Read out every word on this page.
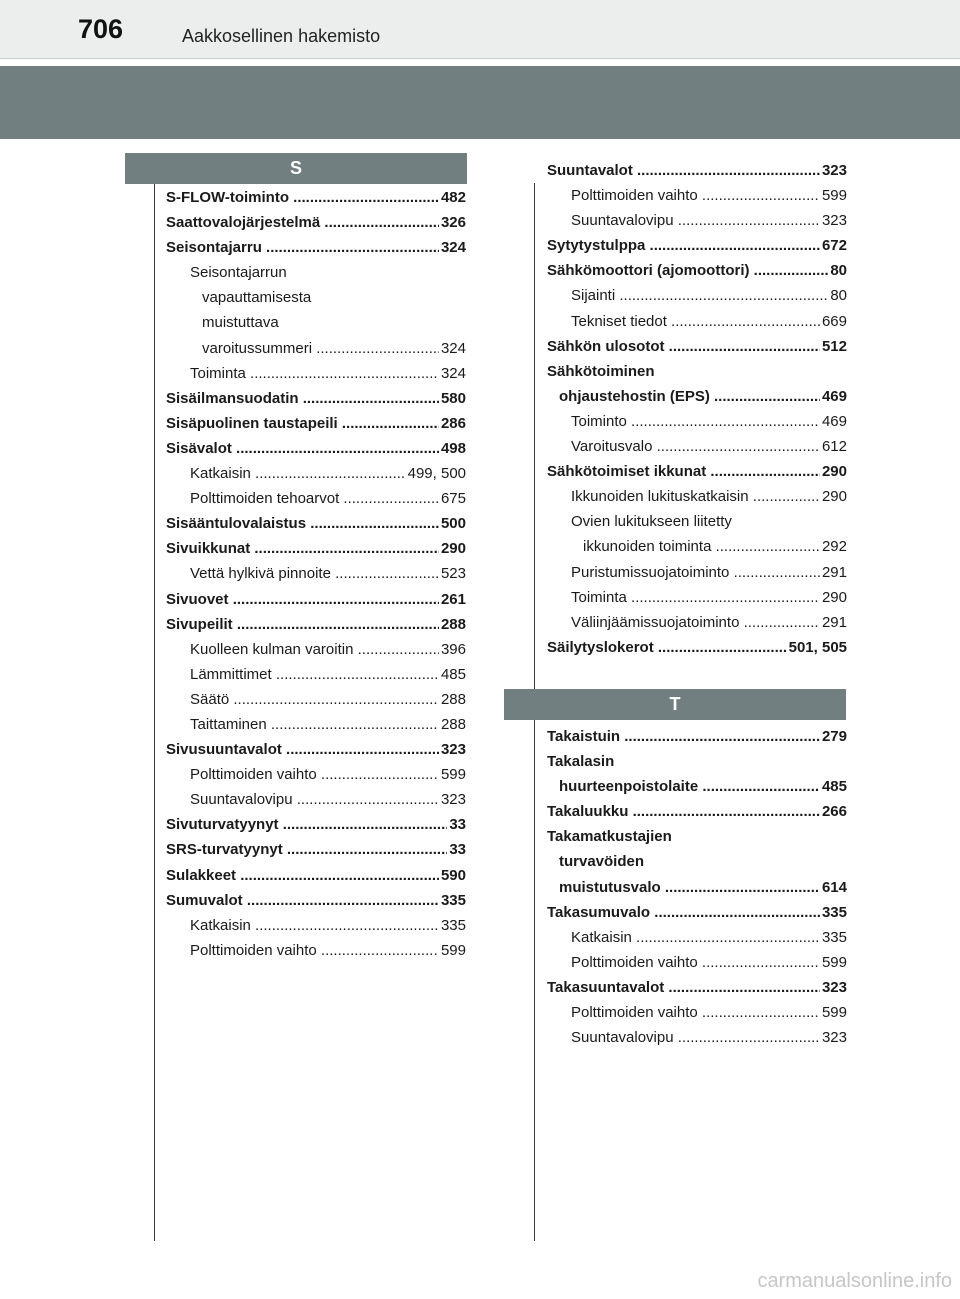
706	Aakkosellinen hakemisto
S
S-FLOW-toiminto .....	482
Saattovalojärjestelmä .....	326
Seisontajarru .....	324
Seisontajarrun
vapauttamisesta
muistuttava
varoitussummeri .....	324
Toiminta .....	324
Sisäilmansuodatin .....	580
Sisäpuolinen taustapeili .....	286
Sisävalot .....	498
Katkaisin .....	499, 500
Polttimoiden tehoarvot .....	675
Sisääntulovalaistus .....	500
Sivuikkunat .....	290
Vettä hylkivä pinnoite .....	523
Sivuovet .....	261
Sivupeilit .....	288
Kuolleen kulman varoitin .....	396
Lämmittimet .....	485
Säätö .....	288
Taittaminen .....	288
Sivusuuntavalot .....	323
Polttimoiden vaihto .....	599
Suuntavalovipu .....	323
Sivuturvatyynyt .....	33
SRS-turvatyynyt .....	33
Sulakkeet .....	590
Sumuvalot .....	335
Katkaisin .....	335
Polttimoiden vaihto .....	599
Suuntavalot .....	323
Polttimoiden vaihto .....	599
Suuntavalovipu .....	323
Sytytystulppa .....	672
Sähkömoottori (ajomoottori) .....	80
Sijainti .....	80
Tekniset tiedot .....	669
Sähkön ulosotot .....	512
Sähkötoiminen
ohjaustehostin (EPS) .....	469
Toiminto .....	469
Varoitusvalo .....	612
Sähkötoimiset ikkunat .....	290
Ikkunoiden lukituskatkaisin .....	290
Ovien lukitukseen liitetty
ikkunoiden toiminta .....	292
Puristumissuojatoiminto .....	291
Toiminta .....	290
Väliinjäämissuojatoiminto .....	291
Säilytyslokerot .....	501, 505
T
Takaistuin .....	279
Takalasin
huurteenpoistolaite .....	485
Takaluukku .....	266
Takamatkustajien
turvavöiden
muistutusvalo .....	614
Takasumuvalo .....	335
Katkaisin .....	335
Polttimoiden vaihto .....	599
Takasuuntavalot .....	323
Polttimoiden vaihto .....	599
Suuntavalovipu .....	323
carmanualsonline.info
